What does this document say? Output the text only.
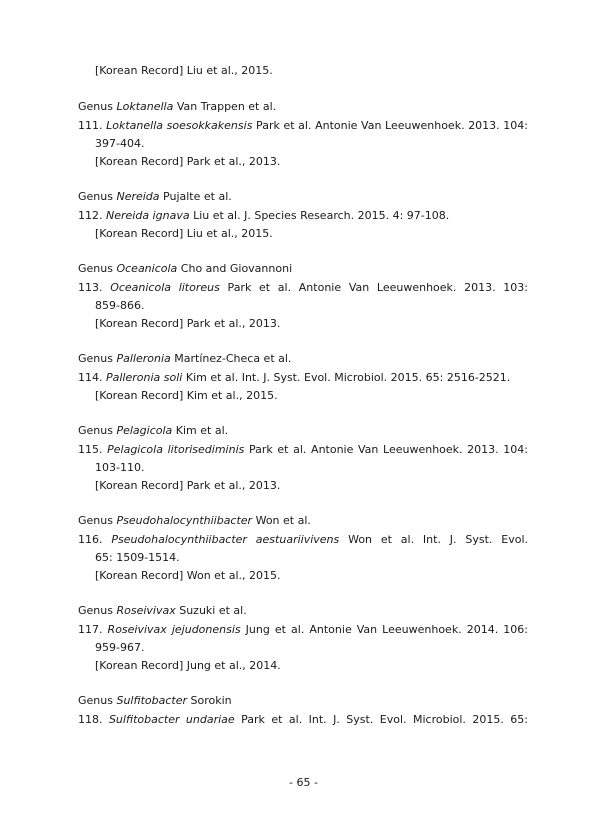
[Korean Record] Liu et al., 2015.
Genus Loktanella Van Trappen et al.
111. Loktanella soesokkakensis Park et al. Antonie Van Leeuwenhoek. 2013. 104:
397-404.
[Korean Record] Park et al., 2013.
Genus Nereida Pujalte et al.
112. Nereida ignava Liu et al. J. Species Research. 2015. 4: 97-108.
[Korean Record] Liu et al., 2015.
Genus Oceanicola Cho and Giovannoni
113. Oceanicola litoreus Park et al. Antonie Van Leeuwenhoek. 2013. 103:
859-866.
[Korean Record] Park et al., 2013.
Genus Palleronia Martínez-Checa et al.
114. Palleronia soli Kim et al. Int. J. Syst. Evol. Microbiol. 2015. 65: 2516-2521.
[Korean Record] Kim et al., 2015.
Genus Pelagicola Kim et al.
115. Pelagicola litorisediminis Park et al. Antonie Van Leeuwenhoek. 2013. 104:
103-110.
[Korean Record] Park et al., 2013.
Genus Pseudohalocynthiibacter Won et al.
116. Pseudohalocynthiibacter aestuariivivens Won et al. Int. J. Syst. Evol.
65: 1509-1514.
[Korean Record] Won et al., 2015.
Genus Roseivivax Suzuki et al.
117. Roseivivax jejudonensis Jung et al. Antonie Van Leeuwenhoek. 2014. 106:
959-967.
[Korean Record] Jung et al., 2014.
Genus Sulfitobacter Sorokin
118. Sulfitobacter undariae Park et al. Int. J. Syst. Evol. Microbiol. 2015. 65:
- 65 -
